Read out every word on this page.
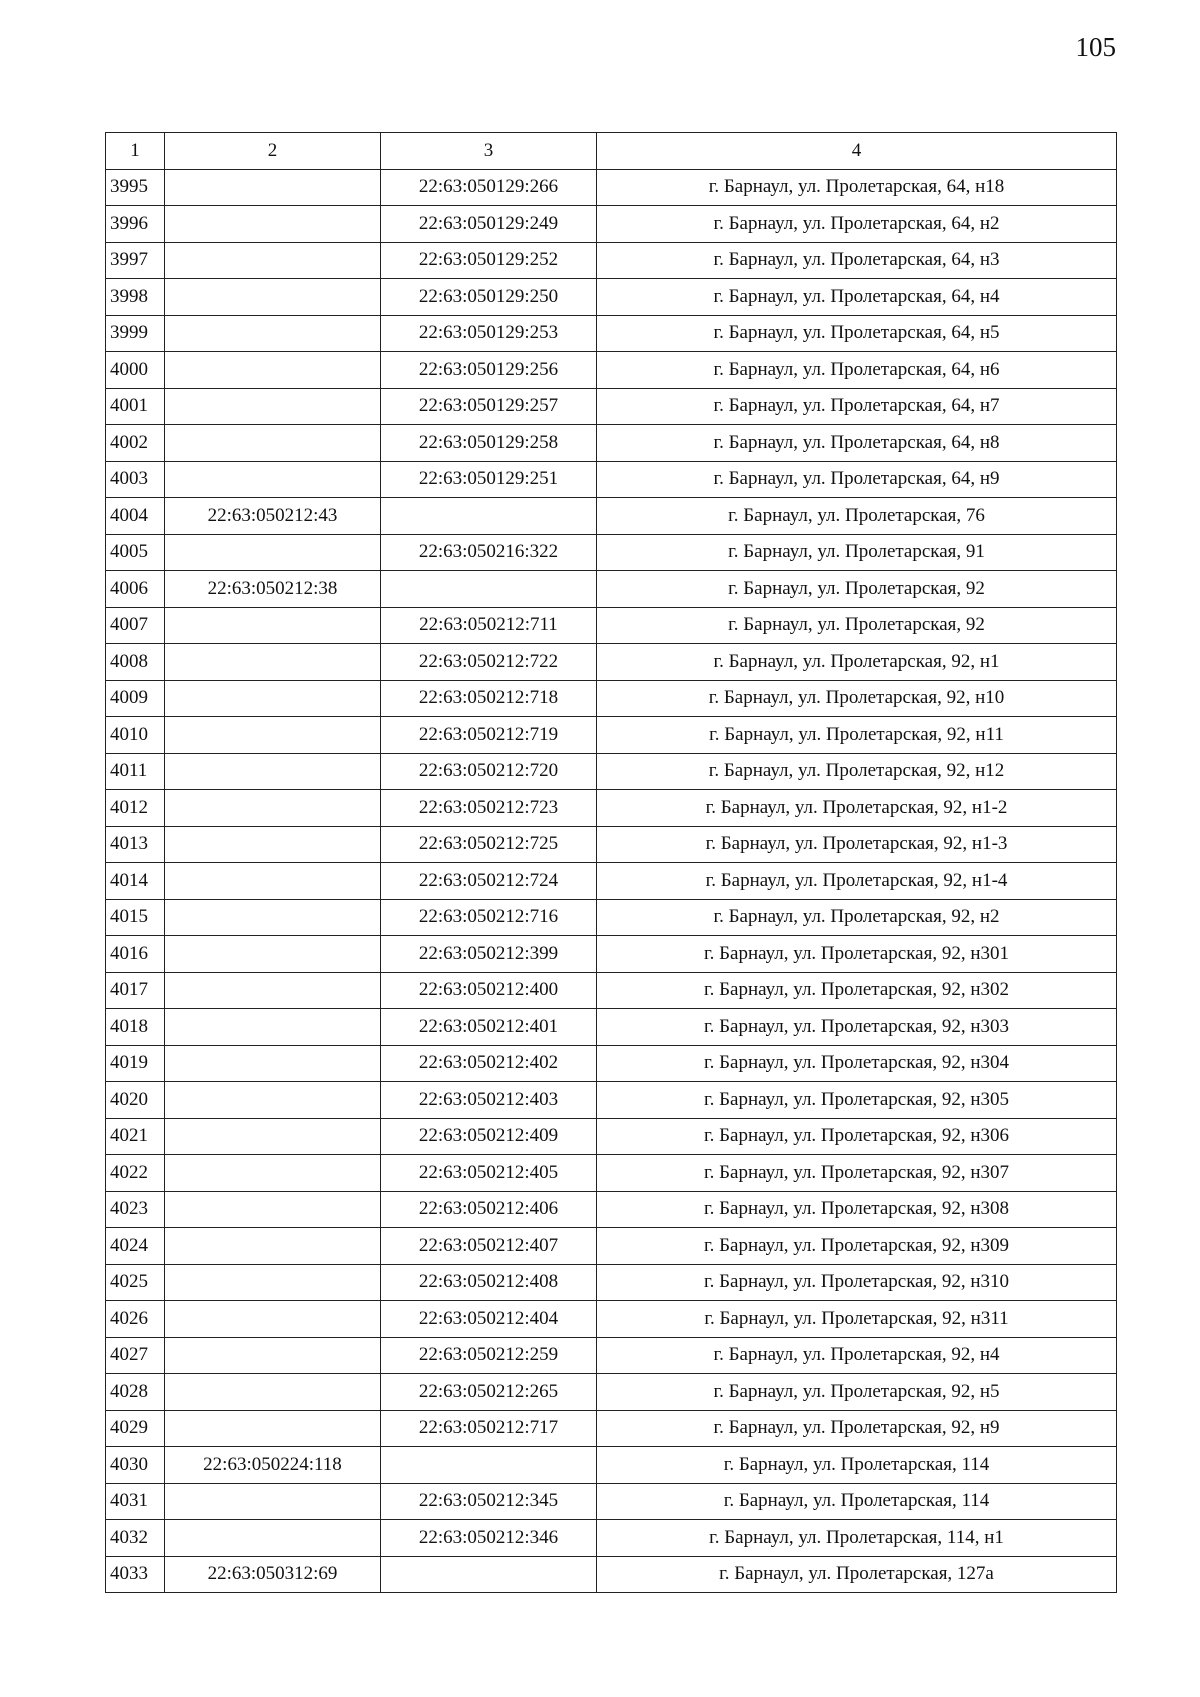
105
1	2	3	4
3995		22:63:050129:266	г. Барнаул, ул. Пролетарская, 64, н18
3996		22:63:050129:249	г. Барнаул, ул. Пролетарская, 64, н2
3997		22:63:050129:252	г. Барнаул, ул. Пролетарская, 64, н3
3998		22:63:050129:250	г. Барнаул, ул. Пролетарская, 64, н4
3999		22:63:050129:253	г. Барнаул, ул. Пролетарская, 64, н5
4000		22:63:050129:256	г. Барнаул, ул. Пролетарская, 64, н6
4001		22:63:050129:257	г. Барнаул, ул. Пролетарская, 64, н7
4002		22:63:050129:258	г. Барнаул, ул. Пролетарская, 64, н8
4003		22:63:050129:251	г. Барнаул, ул. Пролетарская, 64, н9
4004	22:63:050212:43		г. Барнаул, ул. Пролетарская, 76
4005		22:63:050216:322	г. Барнаул, ул. Пролетарская, 91
4006	22:63:050212:38		г. Барнаул, ул. Пролетарская, 92
4007		22:63:050212:711	г. Барнаул, ул. Пролетарская, 92
4008		22:63:050212:722	г. Барнаул, ул. Пролетарская, 92, н1
4009		22:63:050212:718	г. Барнаул, ул. Пролетарская, 92, н10
4010		22:63:050212:719	г. Барнаул, ул. Пролетарская, 92, н11
4011		22:63:050212:720	г. Барнаул, ул. Пролетарская, 92, н12
4012		22:63:050212:723	г. Барнаул, ул. Пролетарская, 92, н1-2
4013		22:63:050212:725	г. Барнаул, ул. Пролетарская, 92, н1-3
4014		22:63:050212:724	г. Барнаул, ул. Пролетарская, 92, н1-4
4015		22:63:050212:716	г. Барнаул, ул. Пролетарская, 92, н2
4016		22:63:050212:399	г. Барнаул, ул. Пролетарская, 92, н301
4017		22:63:050212:400	г. Барнаул, ул. Пролетарская, 92, н302
4018		22:63:050212:401	г. Барнаул, ул. Пролетарская, 92, н303
4019		22:63:050212:402	г. Барнаул, ул. Пролетарская, 92, н304
4020		22:63:050212:403	г. Барнаул, ул. Пролетарская, 92, н305
4021		22:63:050212:409	г. Барнаул, ул. Пролетарская, 92, н306
4022		22:63:050212:405	г. Барнаул, ул. Пролетарская, 92, н307
4023		22:63:050212:406	г. Барнаул, ул. Пролетарская, 92, н308
4024		22:63:050212:407	г. Барнаул, ул. Пролетарская, 92, н309
4025		22:63:050212:408	г. Барнаул, ул. Пролетарская, 92, н310
4026		22:63:050212:404	г. Барнаул, ул. Пролетарская, 92, н311
4027		22:63:050212:259	г. Барнаул, ул. Пролетарская, 92, н4
4028		22:63:050212:265	г. Барнаул, ул. Пролетарская, 92, н5
4029		22:63:050212:717	г. Барнаул, ул. Пролетарская, 92, н9
4030	22:63:050224:118		г. Барнаул, ул. Пролетарская, 114
4031		22:63:050212:345	г. Барнаул, ул. Пролетарская, 114
4032		22:63:050212:346	г. Барнаул, ул. Пролетарская, 114, н1
4033	22:63:050312:69		г. Барнаул, ул. Пролетарская, 127а
